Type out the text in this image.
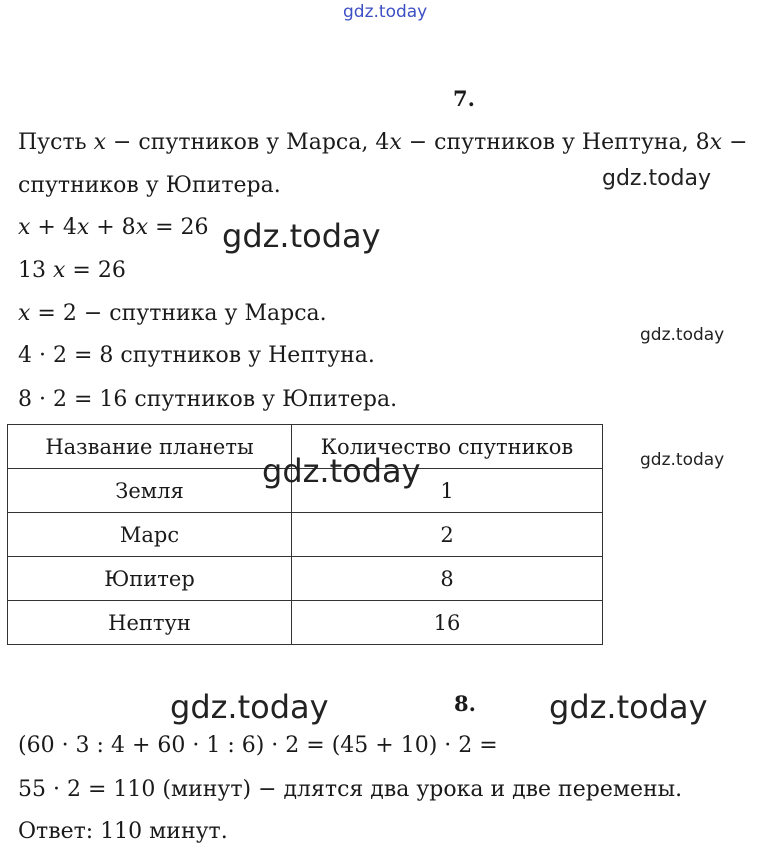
gdz.today
7.
Пусть x − спутников у Марса, 4x − спутников у Нептуна, 8x −
спутников у Юпитера.	gdz.today
x + 4x + 8x = 26 gdz.today
13 x = 26
x = 2 − спутника у Марса.
gdz.today
4 · 2 = 8 спутников у Нептуна.
8 · 2 = 16 спутников у Юпитера.
Название планеты	Количество спутников
Земля	1
Марс	2
Юпитер	8
Нептун	16
gdz.today	gdz.today
gdz.today	8. gdz.today
(60 · 3 : 4 + 60 · 1 : 6) · 2 = (45 + 10) · 2 =
55 · 2 = 110 (минут) − длятся два урока и две перемены.
Ответ: 110 минут.
